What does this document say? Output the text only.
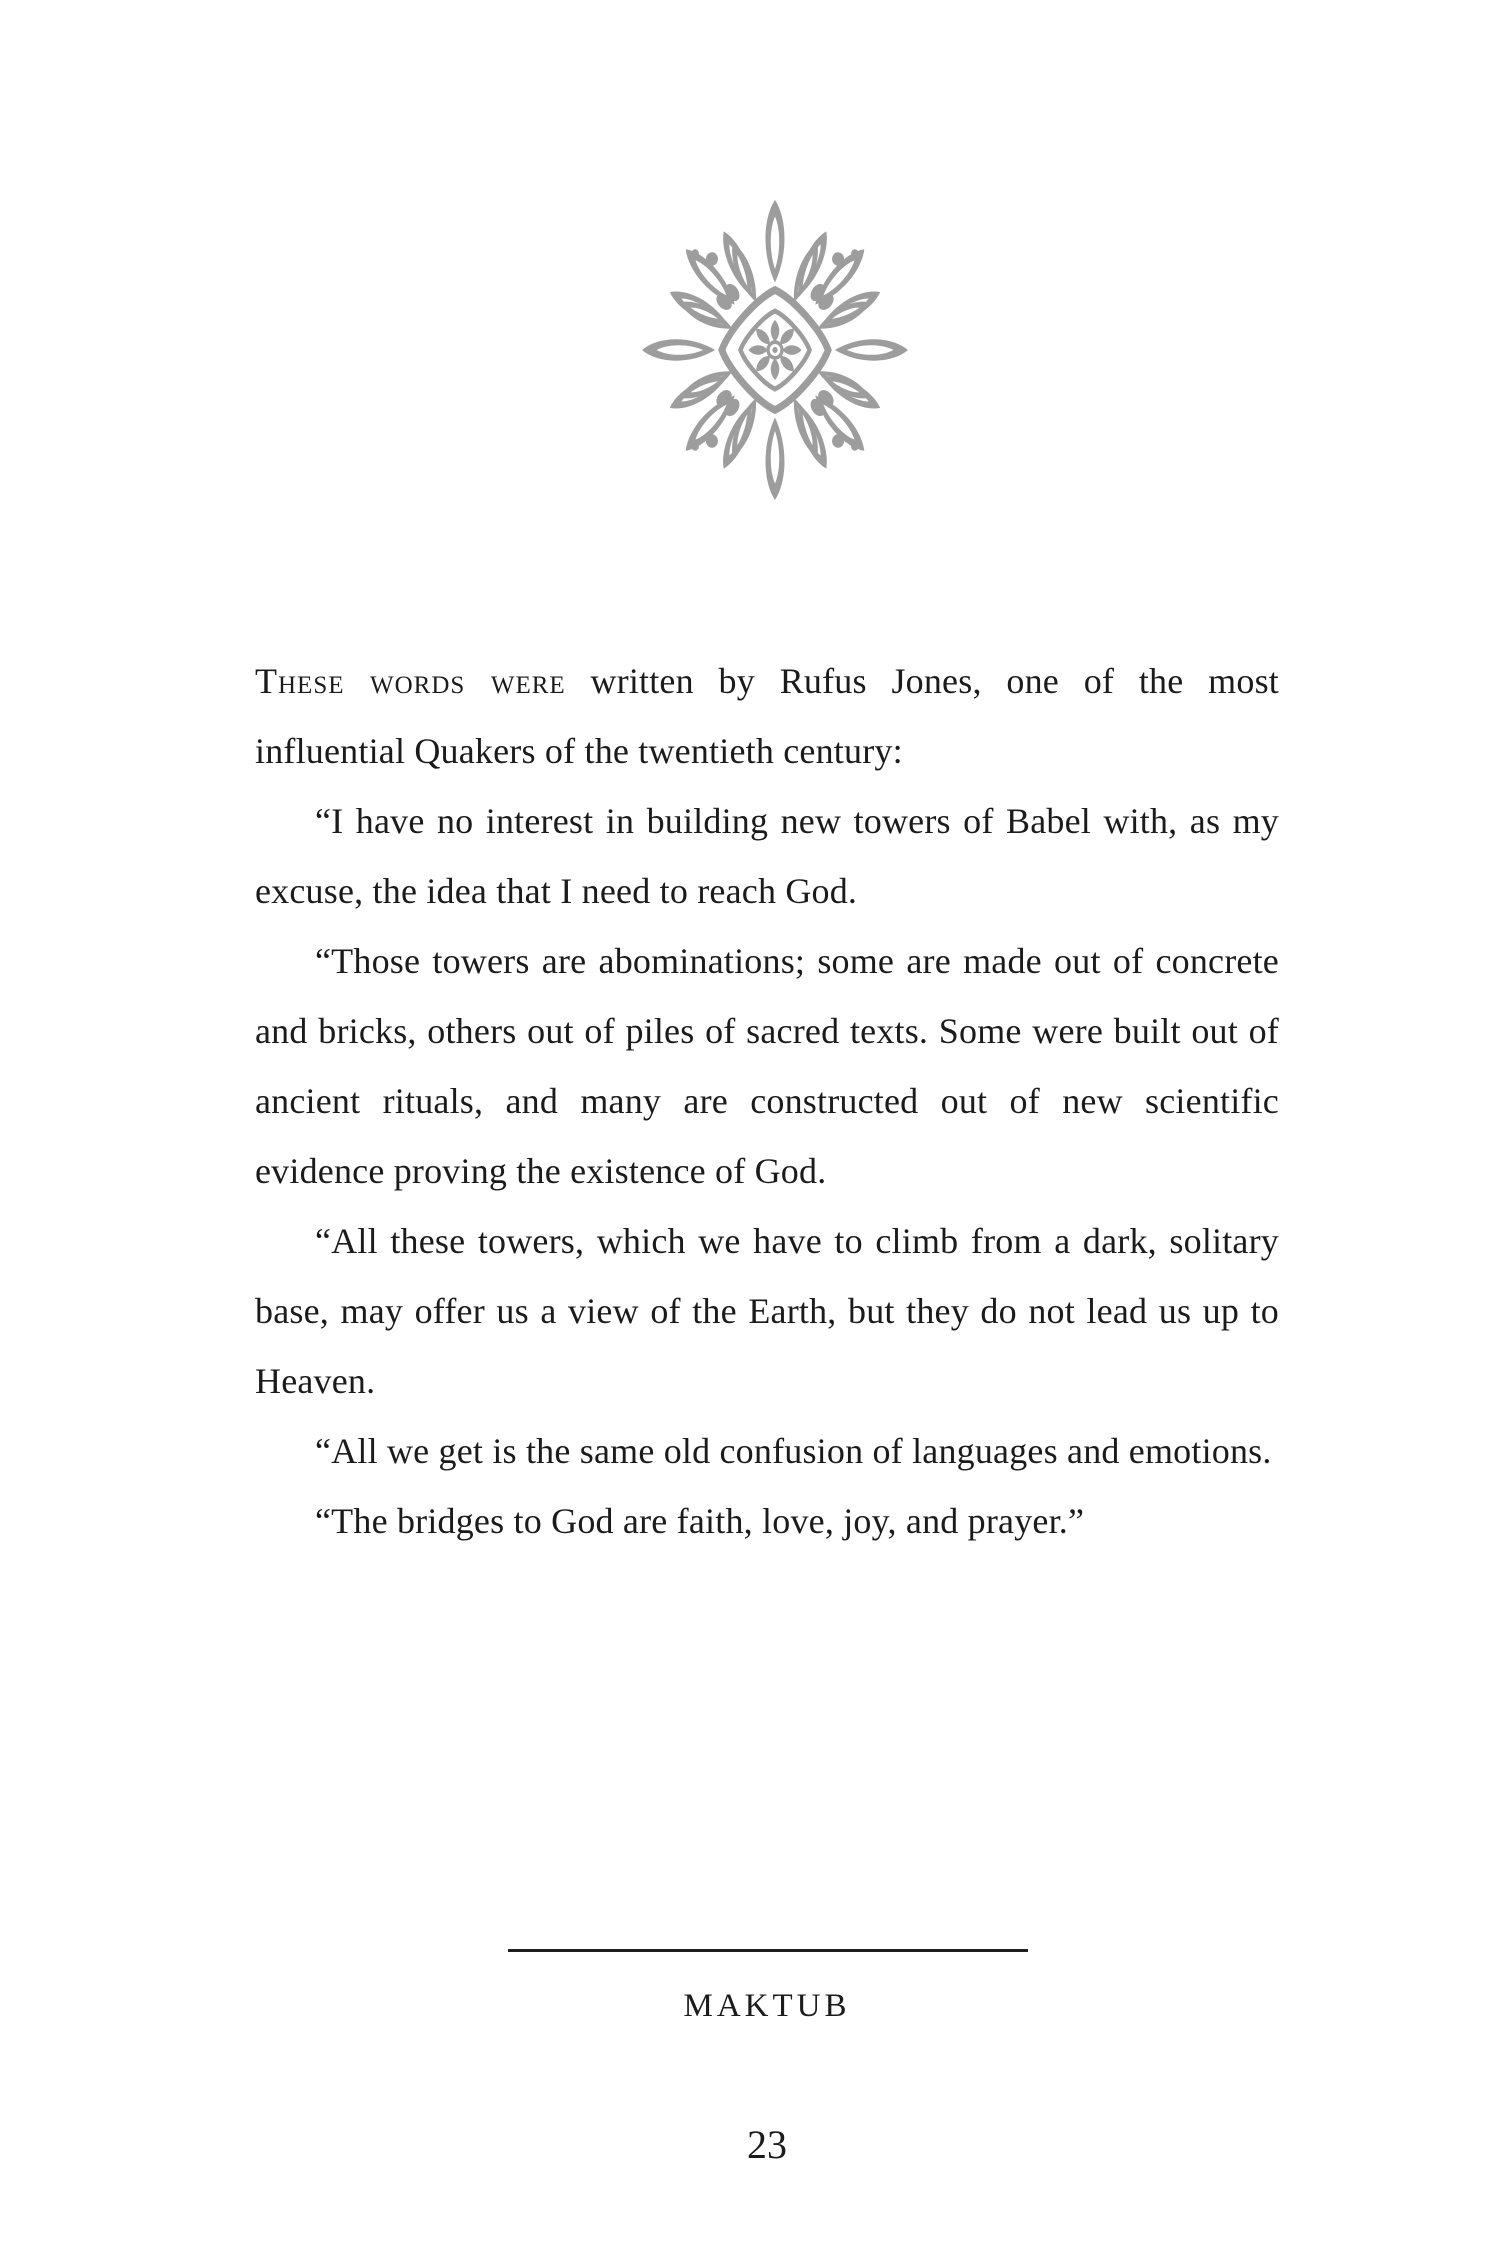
These words were written by Rufus Jones, one of the most influential Quakers of the twentieth century:

“I have no interest in building new towers of Babel with, as my excuse, the idea that I need to reach God.

“Those towers are abominations; some are made out of concrete and bricks, others out of piles of sacred texts. Some were built out of ancient rituals, and many are constructed out of new scientific evidence proving the existence of God.

“All these towers, which we have to climb from a dark, solitary base, may offer us a view of the Earth, but they do not lead us up to Heaven.

“All we get is the same old confusion of languages and emotions.

“The bridges to God are faith, love, joy, and prayer.”

MAKTUB
23
